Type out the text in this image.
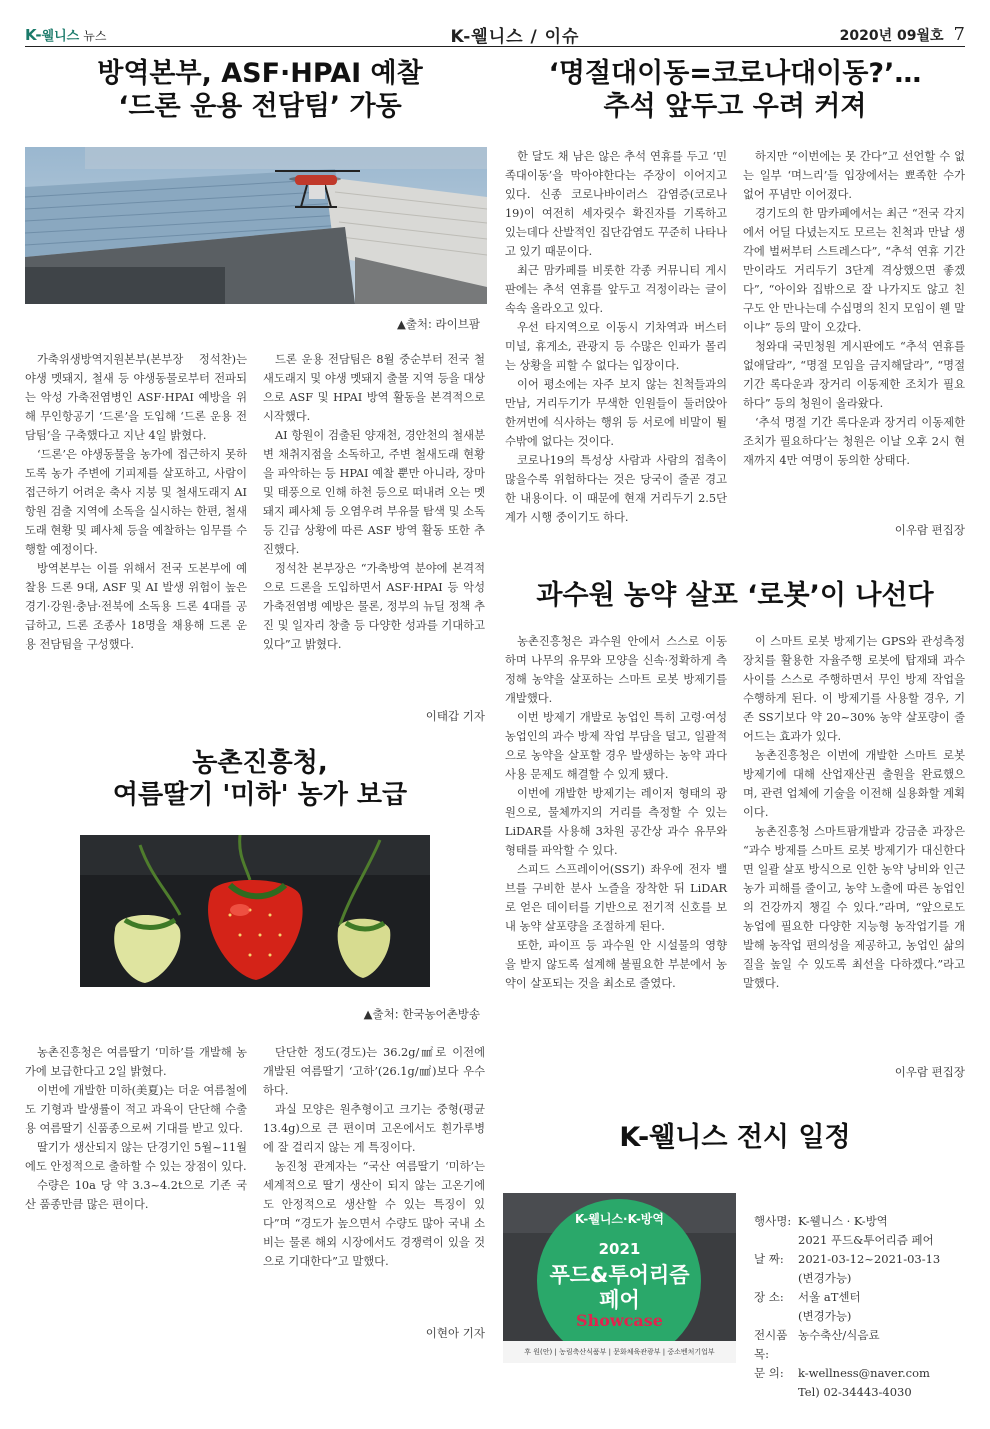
K-웰니스 뉴스	K-웰니스 / 이슈	2020년 09월호 7
방역본부, ASF·HPAI 예찰
‘드론 운용 전담팀’ 가동
▲출처: 라이브팜

가축위생방역지원본부(본부장 정석찬)는 야생 멧돼지, 철새 등 야생동물로부터 전파되는 악성 가축전염병인 ASF·HPAI 예방을 위해 무인항공기 ‘드론’을 도입해 ‘드론 운용 전담팀’을 구축했다고 지난 4일 밝혔다.

‘드론’은 야생동물을 농가에 접근하지 못하도록 농가 주변에 기피제를 살포하고, 사람이 접근하기 어려운 축사 지붕 및 철새도래지 AI 항원 검출 지역에 소독을 실시하는 한편, 철새 도래 현황 및 폐사체 등을 예찰하는 임무를 수행할 예정이다.

방역본부는 이를 위해서 전국 도본부에 예찰용 드론 9대, ASF 및 AI 발생 위험이 높은 경기·강원·충남·전북에 소독용 드론 4대를 공급하고, 드론 조종사 18명을 채용해 드론 운용 전담팀을 구성했다.

드론 운용 전담팀은 8월 중순부터 전국 철새도래지 및 야생 멧돼지 출몰 지역 등을 대상으로 ASF 및 HPAI 방역 활동을 본격적으로 시작했다.

AI 항원이 검출된 양재천, 경안천의 철새분변 채취지점을 소독하고, 주변 철새도래 현황을 파악하는 등 HPAI 예찰 뿐만 아니라, 장마 및 태풍으로 인해 하천 등으로 떠내려 오는 멧돼지 폐사체 등 오염우려 부유물 탐색 및 소독 등 긴급 상황에 따른 ASF 방역 활동 또한 추진했다.

정석찬 본부장은 “가축방역 분야에 본격적으로 드론을 도입하면서 ASF·HPAI 등 악성 가축전염병 예방은 물론, 정부의 뉴딜 정책 추진 및 일자리 창출 등 다양한 성과를 기대하고 있다”고 밝혔다.

이태갑 기자
‘명절대이동=코로나대이동?’…
추석 앞두고 우려 커져

한 달도 채 남은 않은 추석 연휴를 두고 ‘민족대이동’을 막아야한다는 주장이 이어지고 있다. 신종 코로나바이러스 감염증(코로나19)이 여전히 세자릿수 확진자를 기록하고 있는데다 산발적인 집단감염도 꾸준히 나타나고 있기 때문이다.

최근 맘카페를 비롯한 각종 커뮤니티 게시판에는 추석 연휴를 앞두고 걱정이라는 글이 속속 올라오고 있다.

우선 타지역으로 이동시 기차역과 버스터미널, 휴게소, 관광지 등 수많은 인파가 몰리는 상황을 피할 수 없다는 입장이다.

이어 평소에는 자주 보지 않는 친척들과의 만남, 거리두기가 무색한 인원들이 둘러앉아 한꺼번에 식사하는 행위 등 서로에 비말이 튈 수밖에 없다는 것이다.

코로나19의 특성상 사람과 사람의 접촉이 많을수록 위험하다는 것은 당국이 줄곧 경고한 내용이다. 이 때문에 현재 거리두기 2.5단계가 시행 중이기도 하다.

하지만 “이번에는 못 간다”고 선언할 수 없는 일부 ‘며느리’들 입장에서는 뾰족한 수가 없어 푸념만 이어졌다.

경기도의 한 맘카페에서는 최근 “전국 각지에서 어딜 다녔는지도 모르는 친척과 만날 생각에 벌써부터 스트레스다”, “추석 연휴 기간만이라도 거리두기 3단계 격상했으면 좋겠다”, “아이와 집밖으로 잘 나가지도 않고 친구도 안 만나는데 수십명의 친지 모임이 웬 말이냐” 등의 말이 오갔다.

청와대 국민청원 게시판에도 “추석 연휴를 없애달라”, “명절 모임을 금지해달라”, “명절 기간 록다운과 장거리 이동제한 조치가 필요하다” 등의 청원이 올라왔다.

‘추석 명절 기간 록다운과 장거리 이동제한 조치가 필요하다’는 청원은 이날 오후 2시 현재까지 4만 여명이 동의한 상태다.

이우람 편집장
과수원 농약 살포 ‘로봇’이 나선다

농촌진흥청은 과수원 안에서 스스로 이동하며 나무의 유무와 모양을 신속·정확하게 측정해 농약을 살포하는 스마트 로봇 방제기를 개발했다.

이번 방제기 개발로 농업인 특히 고령·여성 농업인의 과수 방제 작업 부담을 덜고, 일괄적으로 농약을 살포할 경우 발생하는 농약 과다 사용 문제도 해결할 수 있게 됐다.

이번에 개발한 방제기는 레이저 형태의 광원으로, 물체까지의 거리를 측정할 수 있는 LiDAR를 사용해 3차원 공간상 과수 유무와 형태를 파악할 수 있다.

스피드 스프레이어(SS기) 좌우에 전자 밸브를 구비한 분사 노즐을 장착한 뒤 LiDAR로 얻은 데이터를 기반으로 전기적 신호를 보내 농약 살포량을 조절하게 된다.

또한, 파이프 등 과수원 안 시설물의 영향을 받지 않도록 설계해 불필요한 부분에서 농약이 살포되는 것을 최소로 줄였다.

이 스마트 로봇 방제기는 GPS와 관성측정장치를 활용한 자율주행 로봇에 탑재돼 과수 사이를 스스로 주행하면서 무인 방제 작업을 수행하게 된다. 이 방제기를 사용할 경우, 기존 SS기보다 약 20~30% 농약 살포량이 줄어드는 효과가 있다.

농촌진흥청은 이번에 개발한 스마트 로봇 방제기에 대해 산업재산권 출원을 완료했으며, 관련 업체에 기술을 이전해 실용화할 계획이다.

농촌진흥청 스마트팜개발과 강금춘 과장은 “과수 방제를 스마트 로봇 방제기가 대신한다면 일괄 살포 방식으로 인한 농약 낭비와 인근 농가 피해를 줄이고, 농약 노출에 따른 농업인의 건강까지 챙길 수 있다.”라며, “앞으로도 농업에 필요한 다양한 지능형 농작업기를 개발해 농작업 편의성을 제공하고, 농업인 삶의 질을 높일 수 있도록 최선을 다하겠다.”라고 말했다.

이우람 편집장
농촌진흥청,
여름딸기 '미하' 농가 보급
▲출처: 한국농어촌방송

농촌진흥청은 여름딸기 ‘미하’를 개발해 농가에 보급한다고 2일 밝혔다.

이번에 개발한 미하(美夏)는 더운 여름철에도 기형과 발생률이 적고 과육이 단단해 수출용 여름딸기 신품종으로써 기대를 받고 있다.

딸기가 생산되지 않는 단경기인 5월~11월에도 안정적으로 출하할 수 있는 장점이 있다.

수량은 10a 당 약 3.3~4.2t으로 기존 국산 품종만큼 많은 편이다.

단단한 정도(경도)는 36.2g/㎟로 이전에 개발된 여름딸기 ‘고하’(26.1g/㎟)보다 우수하다.

과실 모양은 원추형이고 크기는 중형(평균 13.4g)으로 큰 편이며 고온에서도 흰가루병에 잘 걸리지 않는 게 특징이다.

농진청 관계자는 “국산 여름딸기 ‘미하’는 세계적으로 딸기 생산이 되지 않는 고온기에도 안정적으로 생산할 수 있는 특징이 있다”며 “경도가 높으면서 수량도 많아 국내 소비는 물론 해외 시장에서도 경쟁력이 있을 것으로 기대한다”고 말했다.

이현아 기자
K-웰니스 전시 일정
K-웰니스·K-방역
2021
푸드&투어리즘
페어
Showcase
후 원(안) | 농림축산식품부 | 문화체육관광부 | 중소벤처기업부
행사명: K-웰니스 · K-방역
2021 푸드&투어리즘 페어
날 짜:	2021-03-12~2021-03-13
(변경가능)
장 소:	서울 aT센터
(변경가능)
전시품목:
농수축산/식음료
문 의:	k-wellness@naver.com
Tel) 02-34443-4030
